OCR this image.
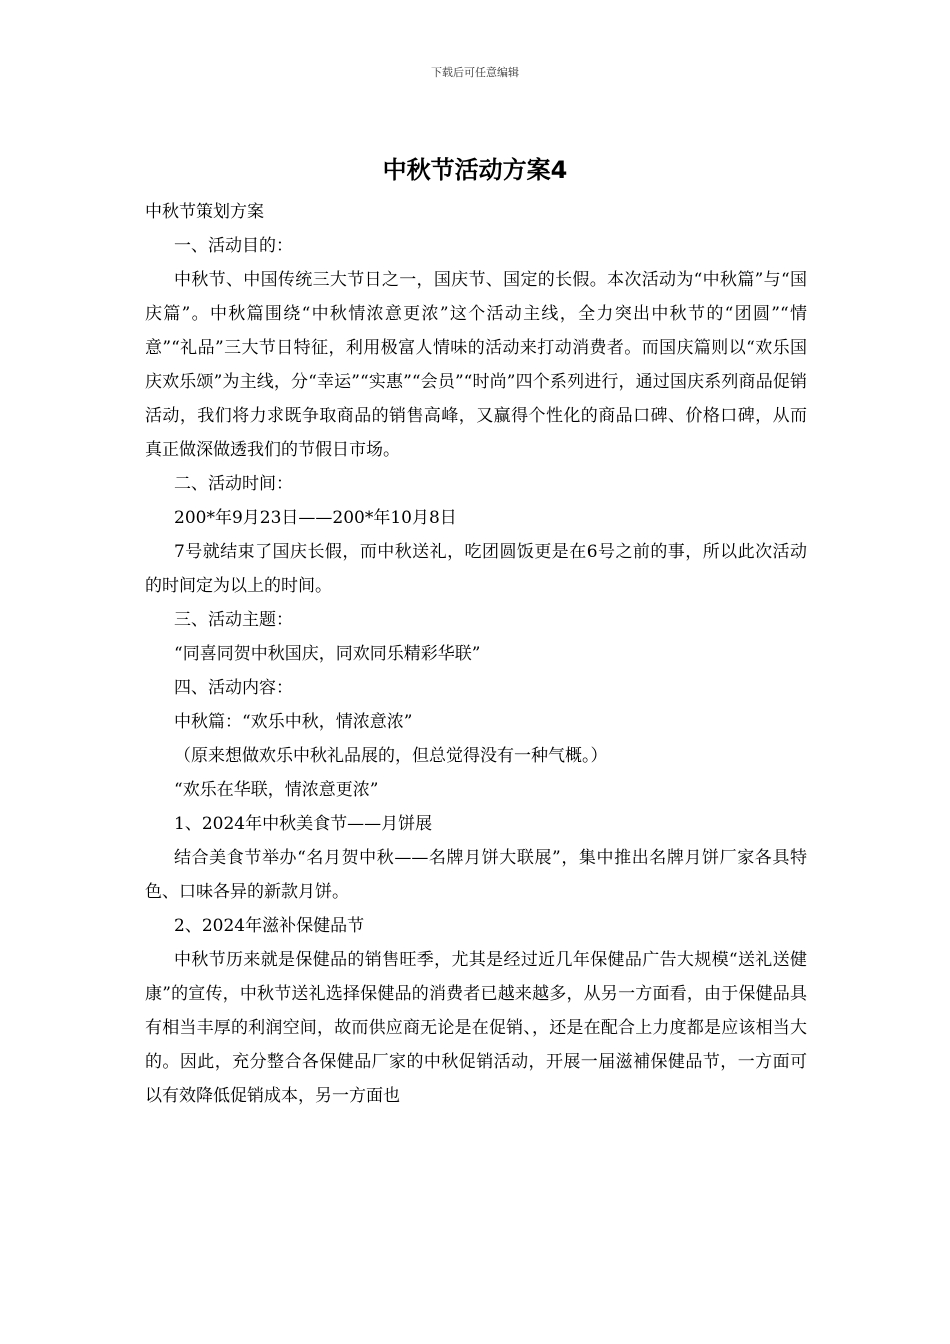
下载后可任意编辑
中秋节活动方案4

中秋节策划方案

一、活动目的：

中秋节、中国传统三大节日之一，国庆节、国定的长假。本次活动为“中秋篇”与“国庆篇”。中秋篇围绕“中秋情浓意更浓”这个活动主线，全力突出中秋节的“团圆”“情意”“礼品”三大节日特征，利用极富人情味的活动来打动消费者。而国庆篇则以“欢乐国庆欢乐颂”为主线，分“幸运”“实惠”“会员”“时尚”四个系列进行，通过国庆系列商品促销活动，我们将力求既争取商品的销售高峰，又赢得个性化的商品口碑、价格口碑，从而真正做深做透我们的节假日市场。

二、活动时间：

200*年9月23日——200*年10月8日

7号就结束了国庆长假，而中秋送礼，吃团圆饭更是在6号之前的事，所以此次活动的时间定为以上的时间。

三、活动主题：

“同喜同贺中秋国庆，同欢同乐精彩华联”

四、活动内容：

中秋篇：“欢乐中秋，情浓意浓”

（原来想做欢乐中秋礼品展的，但总觉得没有一种气概。）

“欢乐在华联，情浓意更浓”

1、2024年中秋美食节——月饼展

结合美食节举办“名月贺中秋——名牌月饼大联展”，集中推出名牌月饼厂家各具特色、口味各异的新款月饼。

2、2024年滋补保健品节

中秋节历来就是保健品的销售旺季，尤其是经过近几年保健品广告大规模“送礼送健康”的宣传，中秋节送礼选择保健品的消费者已越来越多，从另一方面看，由于保健品具有相当丰厚的利润空间，故而供应商无论是在促销、，还是在配合上力度都是应该相当大的。因此，充分整合各保健品厂家的中秋促销活动，开展一届滋補保健品节，一方面可以有效降低促销成本，另一方面也
